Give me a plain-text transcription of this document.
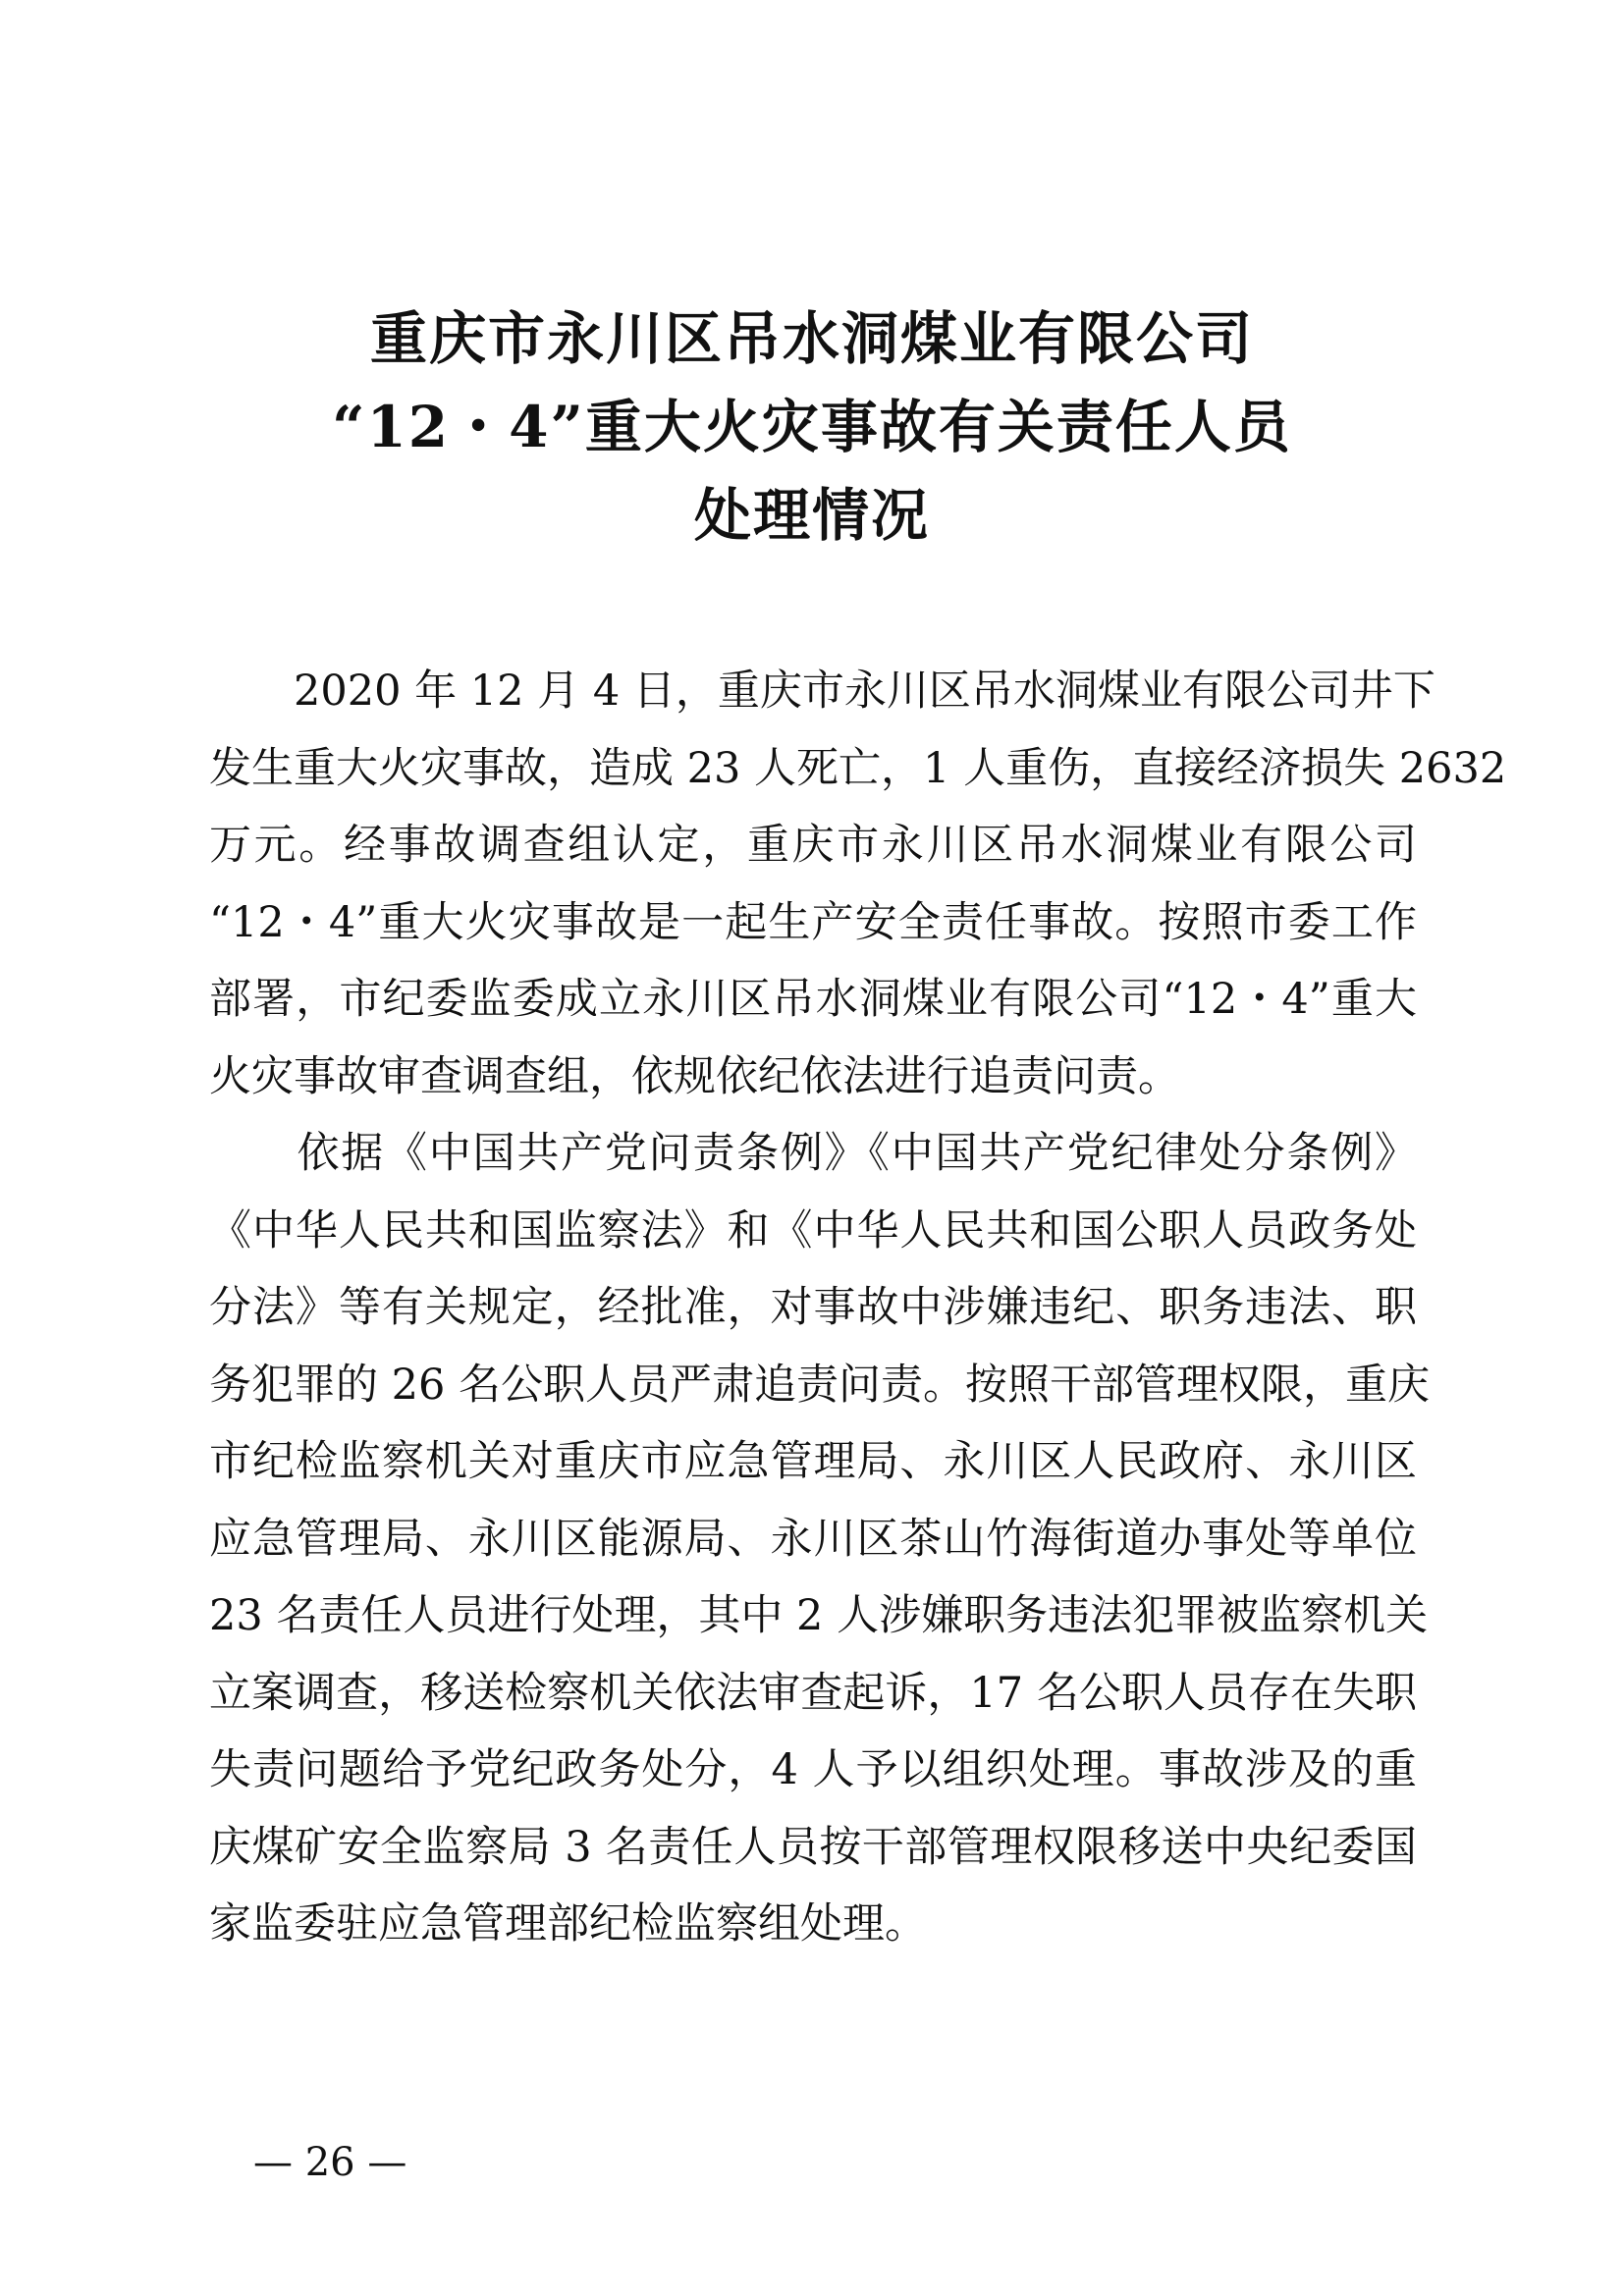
重庆市永川区吊水洞煤业有限公司
“12・4”重大火灾事故有关责任人员
处理情况
　　2020 年 12 月 4 日，重庆市永川区吊水洞煤业有限公司井下
发生重大火灾事故，造成 23 人死亡，1 人重伤，直接经济损失 2632
万元。经事故调查组认定，重庆市永川区吊水洞煤业有限公司
“12・4”重大火灾事故是一起生产安全责任事故。按照市委工作
部署，市纪委监委成立永川区吊水洞煤业有限公司“12・4”重大
火灾事故审查调查组，依规依纪依法进行追责问责。
　　依据《中国共产党问责条例》《中国共产党纪律处分条例》
《中华人民共和国监察法》和《中华人民共和国公职人员政务处
分法》等有关规定，经批准，对事故中涉嫌违纪、职务违法、职
务犯罪的 26 名公职人员严肃追责问责。按照干部管理权限，重庆
市纪检监察机关对重庆市应急管理局、永川区人民政府、永川区
应急管理局、永川区能源局、永川区茶山竹海街道办事处等单位
23 名责任人员进行处理，其中 2 人涉嫌职务违法犯罪被监察机关
立案调查，移送检察机关依法审查起诉，17 名公职人员存在失职
失责问题给予党纪政务处分，4 人予以组织处理。事故涉及的重
庆煤矿安全监察局 3 名责任人员按干部管理权限移送中央纪委国
家监委驻应急管理部纪检监察组处理。
— 26 —
